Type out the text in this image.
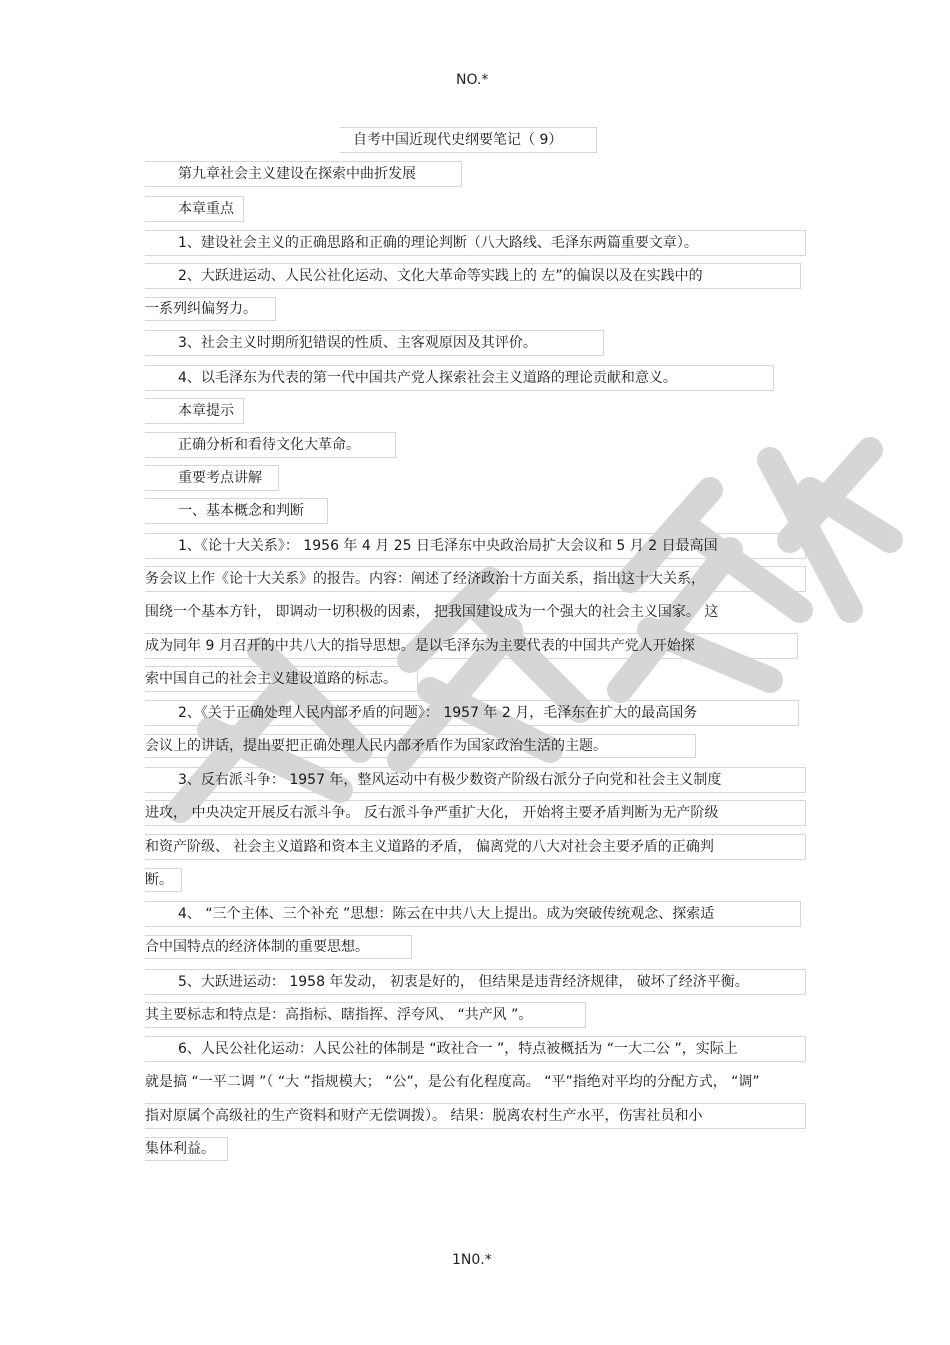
NO.*
自考中国近现代史纲要笔记（ 9）
第九章社会主义建设在探索中曲折发展
本章重点
1、建设社会主义的正确思路和正确的理论判断（八大路线、毛泽东两篇重要文章）。
2、大跃进运动、人民公社化运动、文化大革命等实践上的 左”的偏误以及在实践中的
一系列纠偏努力。
3、社会主义时期所犯错误的性质、主客观原因及其评价。
4、以毛泽东为代表的第一代中国共产党人探索社会主义道路的理论贡献和意义。
本章提示
正确分析和看待文化大革命。
重要考点讲解
一、基本概念和判断
1、《论十大关系》： 1956 年 4 月 25 日毛泽东中央政治局扩大会议和 5 月 2 日最高国
务会议上作《论十大关系》的报告。内容：阐述了经济政治十方面关系，指出这十大关系，
围绕一个基本方针， 即调动一切积极的因素， 把我国建设成为一个强大的社会主义国家。 这
成为同年 9 月召开的中共八大的指导思想。是以毛泽东为主要代表的中国共产党人开始探
索中国自己的社会主义建设道路的标志。
2、《关于正确处理人民内部矛盾的问题》： 1957 年 2 月，毛泽东在扩大的最高国务
会议上的讲话，提出要把正确处理人民内部矛盾作为国家政治生活的主题。
3、反右派斗争： 1957 年，整风运动中有极少数资产阶级右派分子向党和社会主义制度
进攻， 中央决定开展反右派斗争。 反右派斗争严重扩大化， 开始将主要矛盾判断为无产阶级
和资产阶级、 社会主义道路和资本主义道路的矛盾， 偏离党的八大对社会主要矛盾的正确判
断。
4、 “三个主体、三个补充 ”思想：陈云在中共八大上提出。成为突破传统观念、探索适
合中国特点的经济体制的重要思想。
5、大跃进运动： 1958 年发动， 初衷是好的， 但结果是违背经济规律， 破坏了经济平衡。
其主要标志和特点是：高指标、瞎指挥、浮夸风、 “共产风 ”。
6、人民公社化运动：人民公社的体制是 “政社合一 ”，特点被概括为 “一大二公 ”，实际上
就是搞 “一平二调 ”（ “大 ”指规模大； “公”，是公有化程度高。 “平”指绝对平均的分配方式， “调”
指对原属个高级社的生产资料和财产无偿调拨）。 结果：脱离农村生产水平，伤害社员和小
集体利益。
1N0.*
